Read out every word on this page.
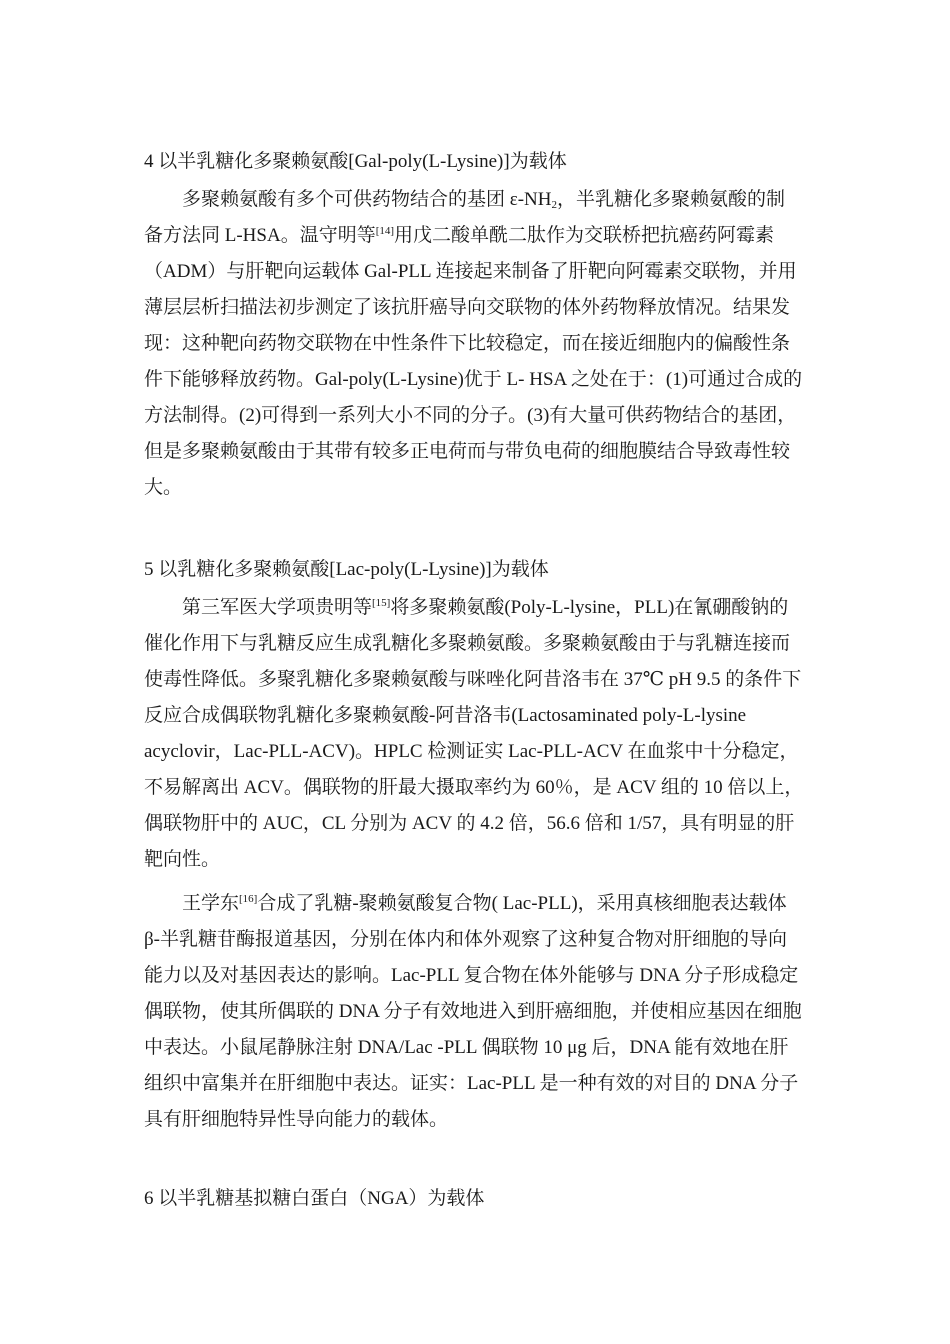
4 以半乳糖化多聚赖氨酸[Gal-poly(L-Lysine)]为载体
多聚赖氨酸有多个可供药物结合的基团 $\varepsilon-NH_2$，半乳糖化多聚赖氨酸的制
备方法同 L-HSA。温守明等[14]用戊二酸单酰二肽作为交联桥把抗癌药阿霉素
（ADM）与肝靶向运载体 Gal-PLL 连接起来制备了肝靶向阿霉素交联物，并用
薄层层析扫描法初步测定了该抗肝癌导向交联物的体外药物释放情况。结果发
现：这种靶向药物交联物在中性条件下比较稳定，而在接近细胞内的偏酸性条
件下能够释放药物。Gal-poly(L-Lysine)优于 L- HSA 之处在于：(1)可通过合成的
方法制得。(2)可得到一系列大小不同的分子。(3)有大量可供药物结合的基团，
但是多聚赖氨酸由于其带有较多正电荷而与带负电荷的细胞膜结合导致毒性较
大。
5 以乳糖化多聚赖氨酸[Lac-poly(L-Lysine)]为载体
第三军医大学项贵明等[15]将多聚赖氨酸(Poly-L-lysine，PLL)在氰硼酸钠的
催化作用下与乳糖反应生成乳糖化多聚赖氨酸。多聚赖氨酸由于与乳糖连接而
使毒性降低。多聚乳糖化多聚赖氨酸与咪唑化阿昔洛韦在 37℃ pH 9.5 的条件下
反应合成偶联物乳糖化多聚赖氨酸-阿昔洛韦(Lactosaminated poly-L-lysine
acyclovir，Lac-PLL-ACV)。HPLC 检测证实 Lac-PLL-ACV 在血浆中十分稳定，
不易解离出 ACV。偶联物的肝最大摄取率约为 60％，是 ACV 组的 10 倍以上，
偶联物肝中的 AUC，CL 分别为 ACV 的 4.2 倍，56.6 倍和 1/57，具有明显的肝
靶向性。
王学东[16]合成了乳糖-聚赖氨酸复合物( Lac-PLL)，采用真核细胞表达载体
β-半乳糖苷酶报道基因，分别在体内和体外观察了这种复合物对肝细胞的导向
能力以及对基因表达的影响。Lac-PLL 复合物在体外能够与 DNA 分子形成稳定
偶联物，使其所偶联的 DNA 分子有效地进入到肝癌细胞，并使相应基因在细胞
中表达。小鼠尾静脉注射 DNA/Lac -PLL 偶联物 10 μg 后，DNA 能有效地在肝
组织中富集并在肝细胞中表达。证实：Lac-PLL 是一种有效的对目的 DNA 分子
具有肝细胞特异性导向能力的载体。
6 以半乳糖基拟糖白蛋白（NGA）为载体
